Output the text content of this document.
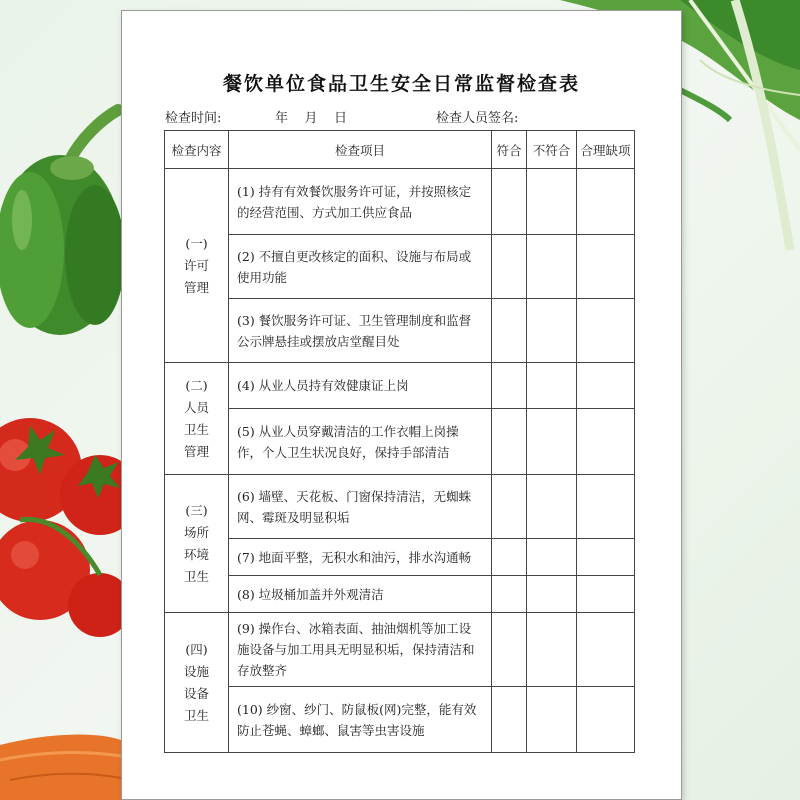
餐饮单位食品卫生安全日常监督检查表
检查时间:	年    月    日	检查人员签名:
检查内容	检查项目	符合	不符合	合理缺项

(一)
许可
管理	(1) 持有有效餐饮服务许可证，并按照核定的经营范围、方式加工供应食品			
	(2) 不擅自更改核定的面积、设施与布局或使用功能			
	(3) 餐饮服务许可证、卫生管理制度和监督公示牌悬挂或摆放店堂醒目处			

(二)
人员
卫生
管理	(4) 从业人员持有效健康证上岗			
	(5) 从业人员穿戴清洁的工作衣帽上岗操作，个人卫生状况良好，保持手部清洁			

(三)
场所
环境
卫生	(6) 墙壁、天花板、门窗保持清洁，无蜘蛛网、霉斑及明显积垢			
	(7) 地面平整，无积水和油污，排水沟通畅			
	(8) 垃圾桶加盖并外观清洁			

(四)
设施
设备
卫生	(9) 操作台、冰箱表面、抽油烟机等加工设施设备与加工用具无明显积垢，保持清洁和存放整齐			
	(10) 纱窗、纱门、防鼠板(网)完整，能有效防止苍蝇、蟑螂、鼠害等虫害设施			
